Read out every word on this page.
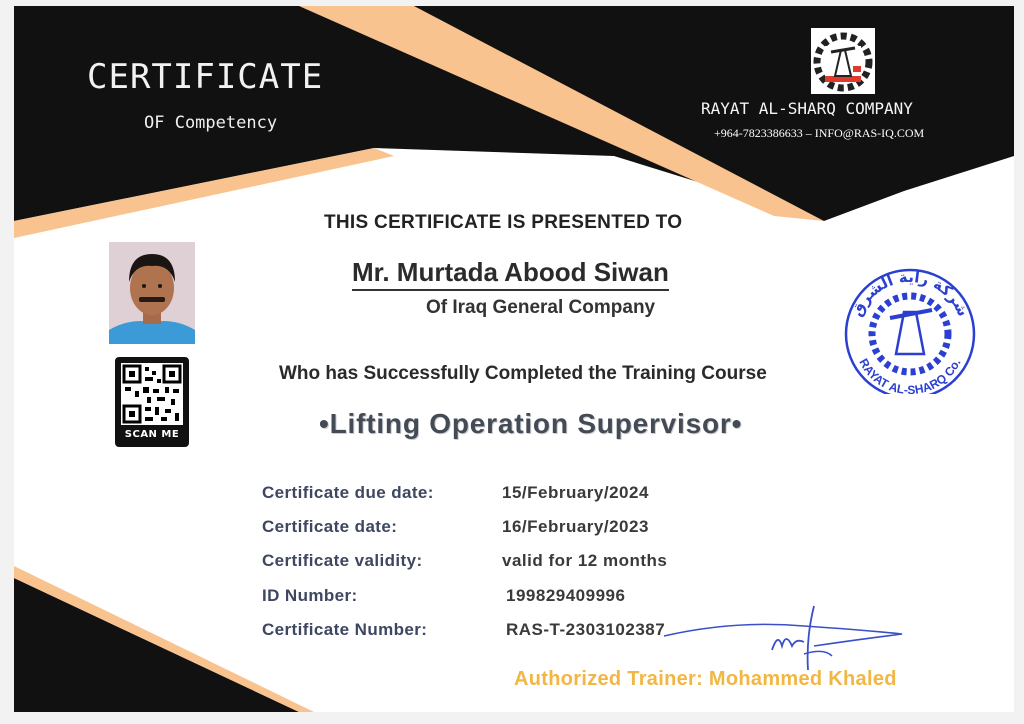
CERTIFICATE
OF Competency
RAYAT AL-SHARQ COMPANY
+964-7823386633 – INFO@RAS-IQ.COM
SCAN ME
THIS CERTIFICATE IS PRESENTED TO
Mr. Murtada Abood Siwan
Of Iraq General Company
Who has Successfully Completed the Training Course
•Lifting Operation Supervisor•
شركة راية الشرق
RAYAT AL-SHARQ Co.
Certificate due date:	15/February/2024
Certificate date:	16/February/2023
Certificate validity:	valid for 12 months
ID Number:	199829409996
Certificate Number:	RAS-T-2303102387
Authorized Trainer: Mohammed Khaled
